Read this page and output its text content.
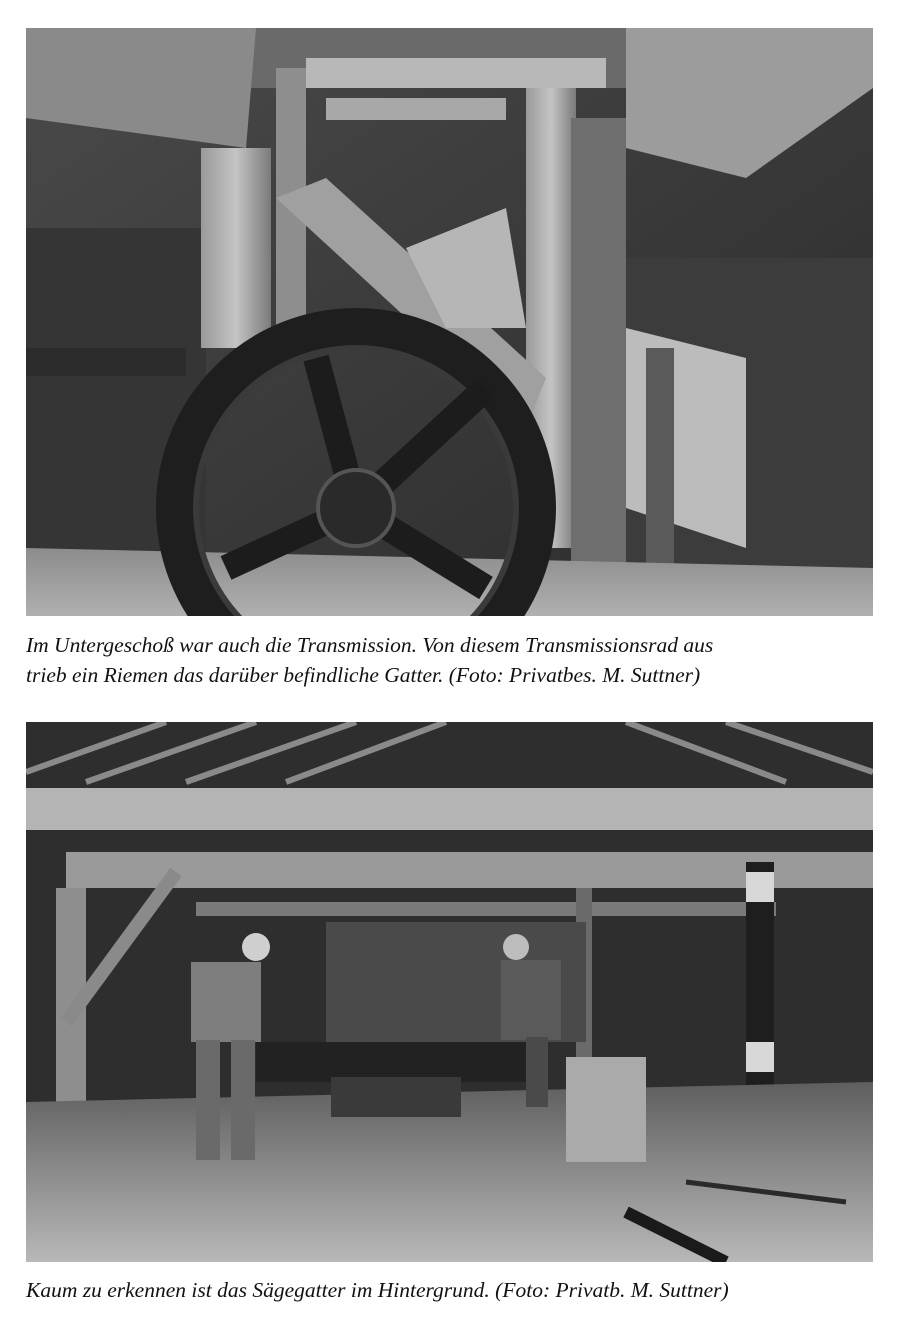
Im Untergeschoß war auch die Transmission. Von diesem Transmissionsrad aus
trieb ein Riemen das darüber befindliche Gatter. (Foto: Privatbes. M. Suttner)

Kaum zu erkennen ist das Sägegatter im Hintergrund. (Foto: Privatb. M. Suttner)
